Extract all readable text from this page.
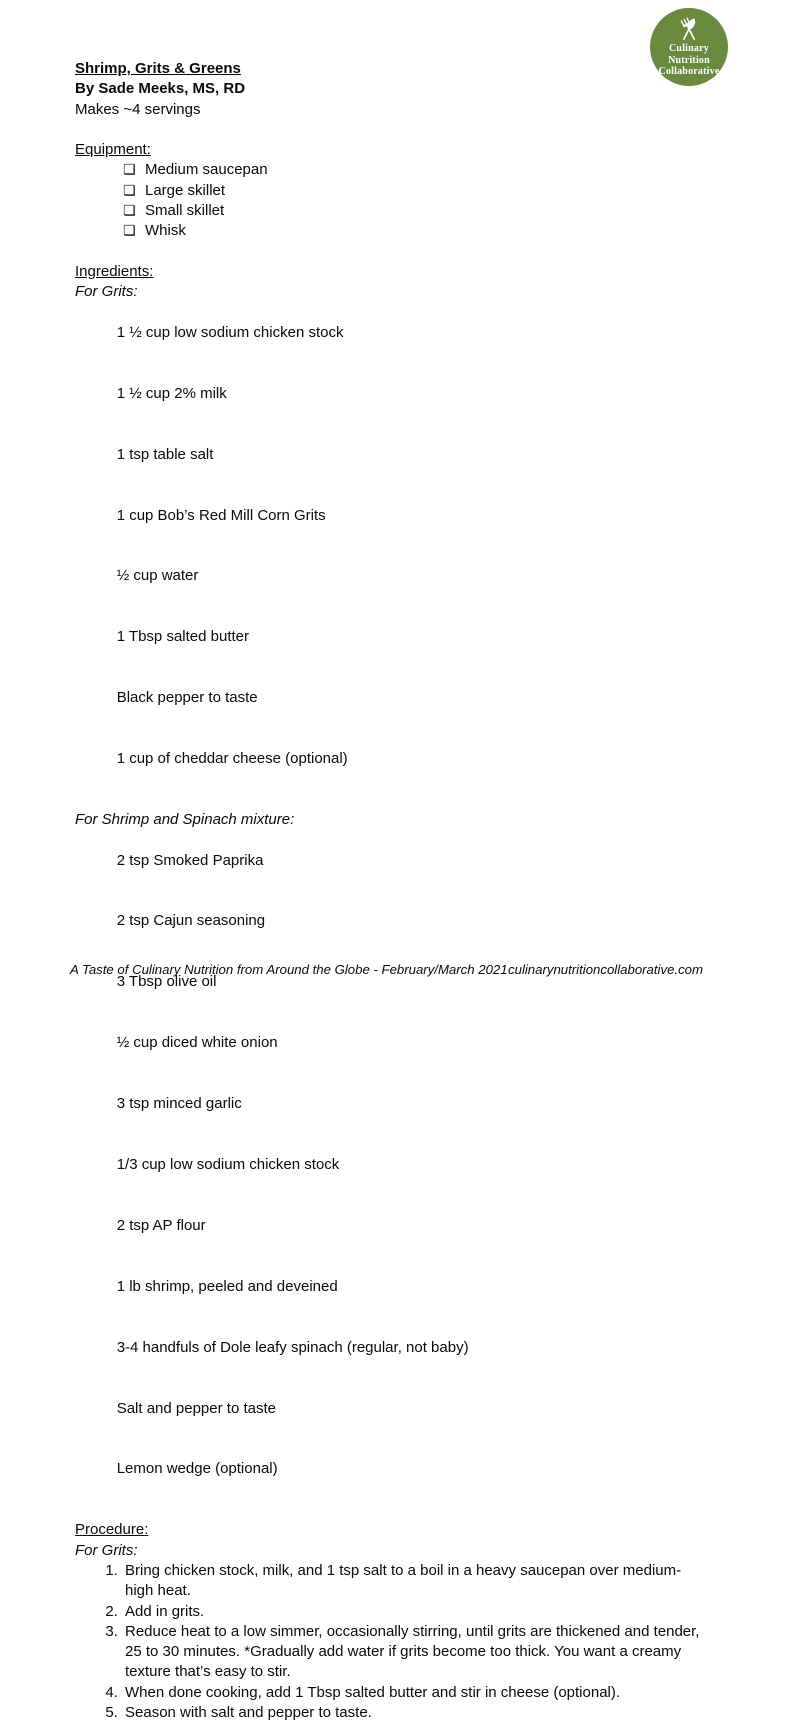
Culinary
Nutrition
Collaborative
Shrimp, Grits & Greens
By Sade Meeks, MS, RD
Makes ~4 servings
Equipment:
❏ Medium saucepan
❏ Large skillet
❏ Small skillet
❏ Whisk
Ingredients:
For Grits:

1 ½ cup low sodium chicken stock

1 ½ cup 2% milk

1 tsp table salt

1 cup Bob’s Red Mill Corn Grits

½ cup water

1 Tbsp salted butter

Black pepper to taste

1 cup of cheddar cheese (optional)

For Shrimp and Spinach mixture:

2 tsp Smoked Paprika

2 tsp Cajun seasoning

3 Tbsp olive oil

½ cup diced white onion

3 tsp minced garlic

1/3 cup low sodium chicken stock

2 tsp AP flour

1 lb shrimp, peeled and deveined

3-4 handfuls of Dole leafy spinach (regular, not baby)

Salt and pepper to taste

Lemon wedge (optional)

Procedure:
For Grits:
1. Bring chicken stock, milk, and 1 tsp salt to a boil in a heavy saucepan over medium-high heat.
2. Add in grits.
3. Reduce heat to a low simmer, occasionally stirring, until grits are thickened and tender, 25 to 30 minutes. *Gradually add water if grits become too thick. You want a creamy texture that’s easy to stir.
4. When done cooking, add 1 Tbsp salted butter and stir in cheese (optional).
5. Season with salt and pepper to taste.
A Taste of Culinary Nutrition from Around the Globe - February/March 2021 culinarynutritioncollaborative.com
